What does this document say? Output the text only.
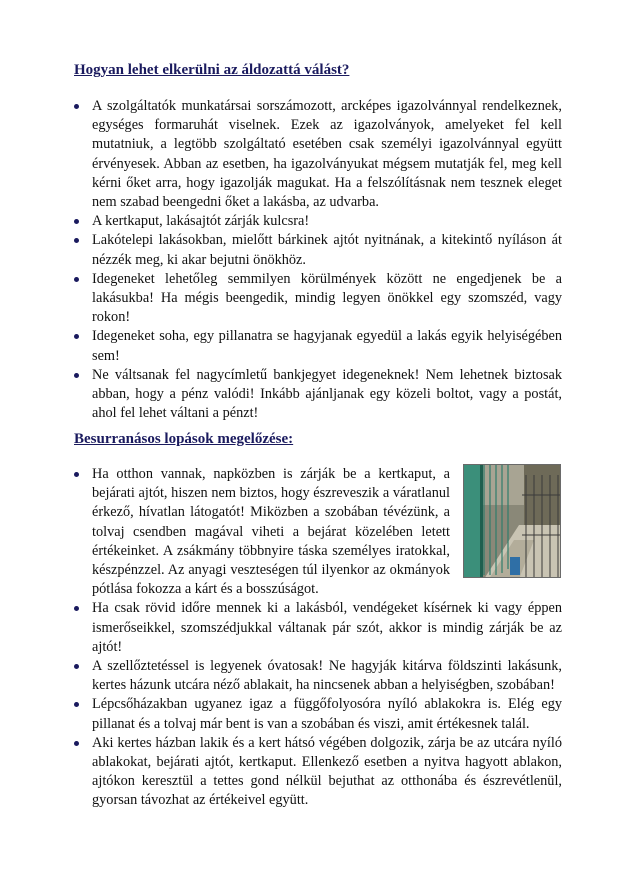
Hogyan lehet elkerülni az áldozattá válást?
A szolgáltatók munkatársai sorszámozott, arcképes igazolvánnyal rendelkeznek, egységes formaruhát viselnek. Ezek az igazolványok, amelyeket fel kell mutatniuk, a legtöbb szolgáltató esetében csak személyi igazolvánnyal együtt érvényesek. Abban az esetben, ha igazolványukat mégsem mutatják fel, meg kell kérni őket arra, hogy igazolják magukat. Ha a felszólításnak nem tesznek eleget nem szabad beengedni őket a lakásba, az udvarba.
A kertkaput, lakásajtót zárják kulcsra!
Lakótelepi lakásokban, mielőtt bárkinek ajtót nyitnának, a kitekintő nyíláson át nézzék meg, ki akar bejutni önökhöz.
Idegeneket lehetőleg semmilyen körülmények között ne engedjenek be a lakásukba! Ha mégis beengedik, mindig legyen önökkel egy szomszéd, vagy rokon!
Idegeneket soha, egy pillanatra se hagyjanak egyedül a lakás egyik helyiségében sem!
Ne váltsanak fel nagycímletű bankjegyet idegeneknek! Nem lehetnek biztosak abban, hogy a pénz valódi! Inkább ajánljanak egy közeli boltot, vagy a postát, ahol fel lehet váltani a pénzt!
Besurranásos lopások megelőzése:
Ha otthon vannak, napközben is zárják be a kertkaput, a bejárati ajtót, hiszen nem biztos, hogy észreveszik a váratlanul érkező, hívatlan látogatót! Miközben a szobában tévézünk, a tolvaj csendben magával viheti a bejárat közelében letett értékeinket. A zsákmány többnyire táska személyes iratokkal, készpénzzel. Az anyagi veszteségen túl ilyenkor az okmányok pótlása fokozza a kárt és a bosszúságot.
Ha csak rövid időre mennek ki a lakásból, vendégeket kísérnek ki vagy éppen ismerőseikkel, szomszédjukkal váltanak pár szót, akkor is mindig zárják be az ajtót!
A szellőztetéssel is legyenek óvatosak! Ne hagyják kitárva földszinti lakásunk, kertes házunk utcára néző ablakait, ha nincsenek abban a helyiségben, szobában!
Lépcsőházakban ugyanez igaz a függőfolyosóra nyíló ablakokra is. Elég egy pillanat és a tolvaj már bent is van a szobában és viszi, amit értékesnek talál.
Aki kertes házban lakik és a kert hátsó végében dolgozik, zárja be az utcára nyíló ablakokat, bejárati ajtót, kertkaput. Ellenkező esetben a nyitva hagyott ablakon, ajtókon keresztül a tettes gond nélkül bejuthat az otthonába és észrevétlenül, gyorsan távozhat az értékeivel együtt.
